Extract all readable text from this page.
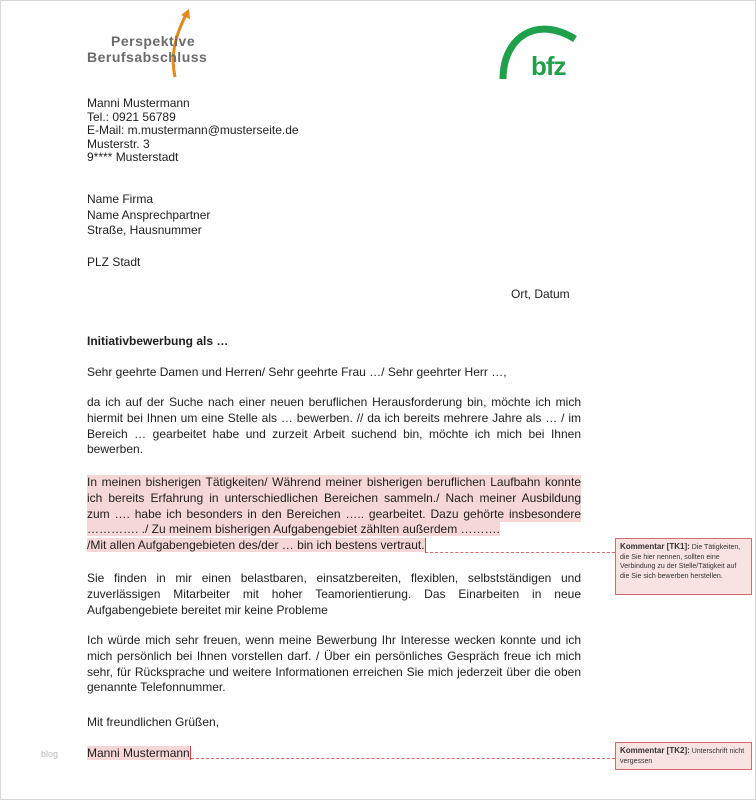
Perspektive
Berufsabschluss	bfz
Manni Mustermann
Tel.: 0921 56789
E-Mail: m.mustermann@musterseite.de
Musterstr. 3
9**** Musterstadt
Name Firma
Name Ansprechpartner
Straße, Hausnummer
PLZ Stadt
Ort, Datum
Initiativbewerbung als …
Sehr geehrte Damen und Herren/ Sehr geehrte Frau …/ Sehr geehrter Herr …,
da ich auf der Suche nach einer neuen beruflichen Herausforderung bin, möchte ich mich
hiermit bei Ihnen um eine Stelle als … bewerben. // da ich bereits mehrere Jahre als … / im
Bereich … gearbeitet habe und zurzeit Arbeit suchend bin, möchte ich mich bei Ihnen
bewerben.
In meinen bisherigen Tätigkeiten/ Während meiner bisherigen beruflichen Laufbahn konnte
ich bereits Erfahrung in unterschiedlichen Bereichen sammeln./ Nach meiner Ausbildung
zum …. habe ich besonders in den Bereichen ….. gearbeitet. Dazu gehörte insbesondere
…………. ./ Zu meinem bisherigen Aufgabengebiet zählten außerdem ……….
/Mit allen Aufgabengebieten des/der … bin ich bestens vertraut.
Sie finden in mir einen belastbaren, einsatzbereiten, flexiblen, selbstständigen und
zuverlässigen Mitarbeiter mit hoher Teamorientierung. Das Einarbeiten in neue
Aufgabengebiete bereitet mir keine Probleme
Ich würde mich sehr freuen, wenn meine Bewerbung Ihr Interesse wecken konnte und ich
mich persönlich bei Ihnen vorstellen darf. / Über ein persönliches Gespräch freue ich mich
sehr, für Rücksprache und weitere Informationen erreichen Sie mich jederzeit über die oben
genannte Telefonnummer.
Mit freundlichen Grüßen,
Manni Mustermann
Kommentar [TK1]: Die Tätigkeiten, die Sie hier nennen, sollten eine Verbindung zu der Stelle/Tätigkeit auf die Sie sich bewerben herstellen.
Kommentar [TK2]: Unterschrift nicht vergessen
blog
